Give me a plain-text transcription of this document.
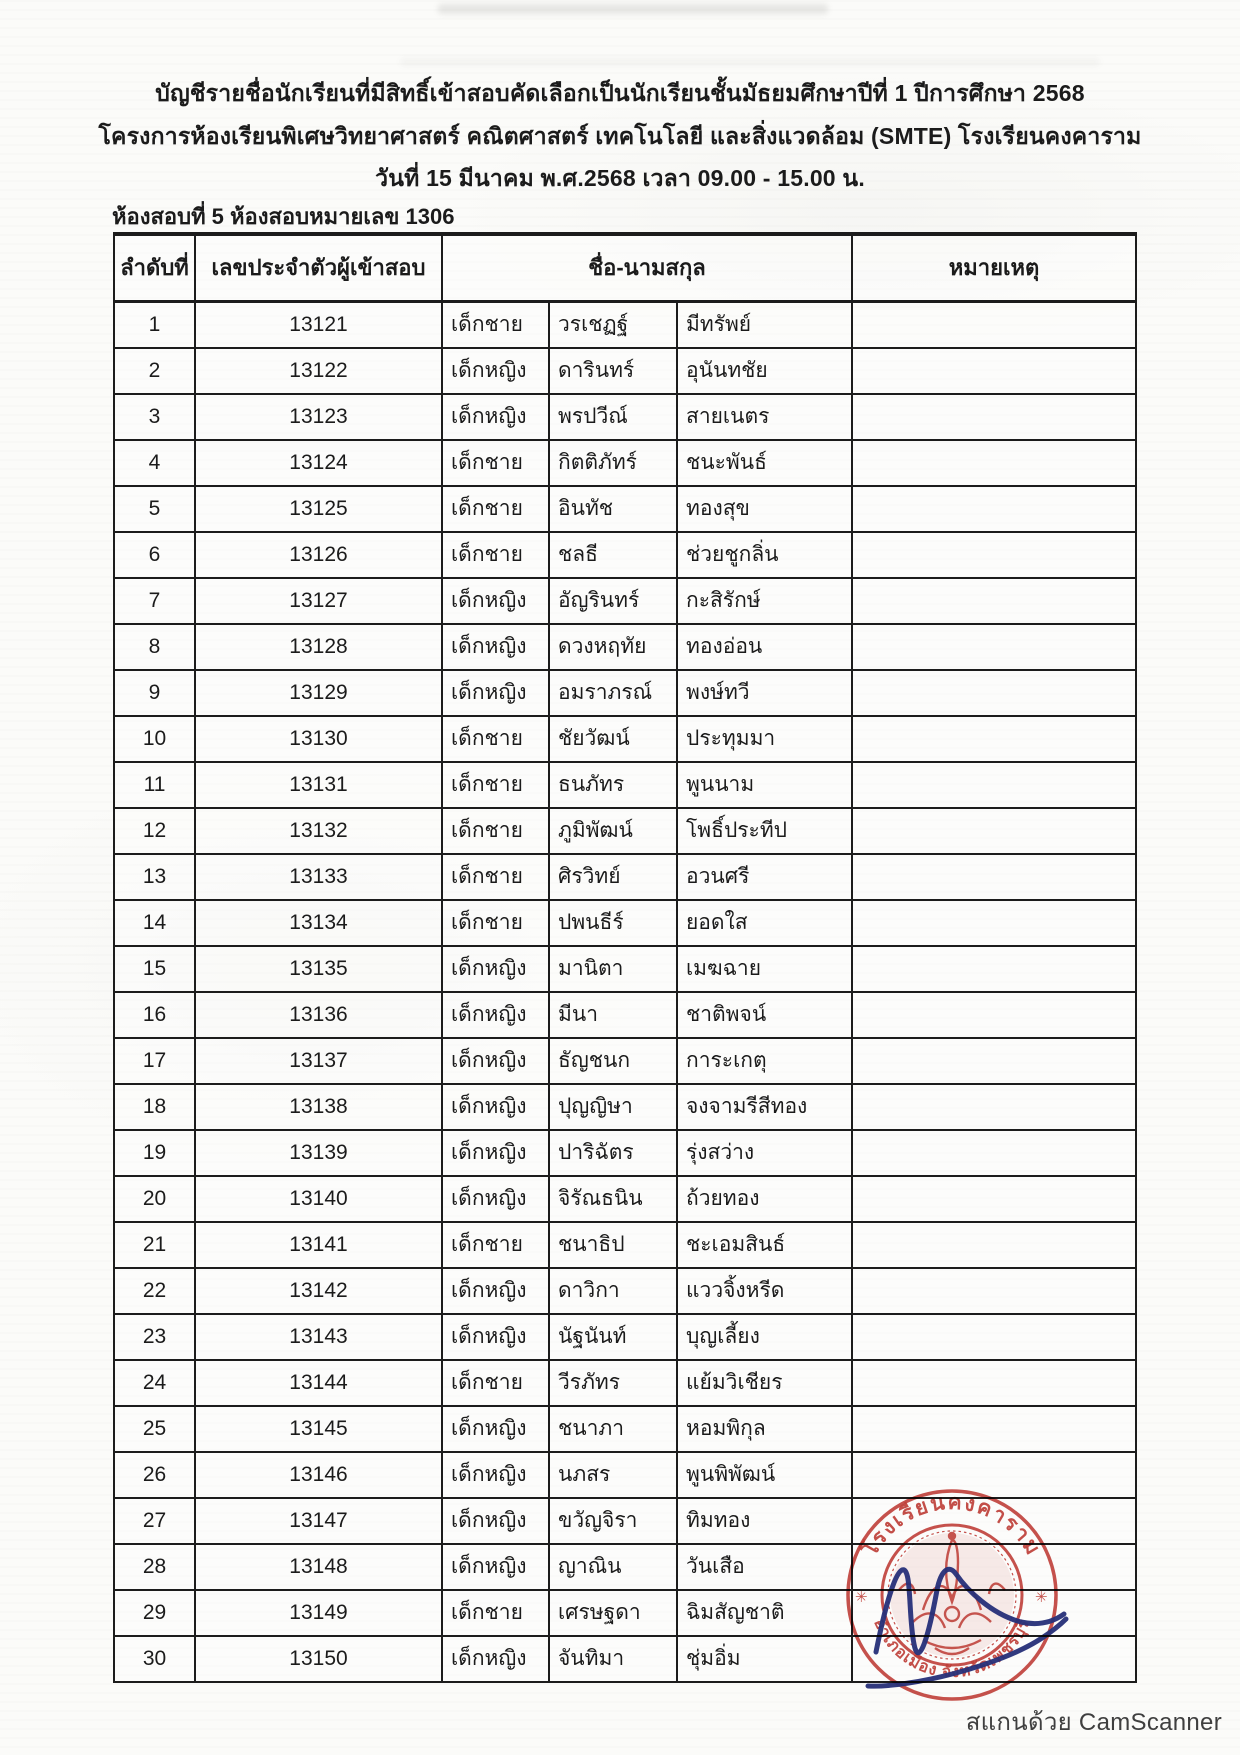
บัญชีรายชื่อนักเรียนที่มีสิทธิ์เข้าสอบคัดเลือกเป็นนักเรียนชั้นมัธยมศึกษาปีที่ 1 ปีการศึกษา 2568
โครงการห้องเรียนพิเศษวิทยาศาสตร์ คณิตศาสตร์ เทคโนโลยี และสิ่งแวดล้อม (SMTE) โรงเรียนคงคาราม
วันที่ 15 มีนาคม พ.ศ.2568 เวลา 09.00 - 15.00 น.
ห้องสอบที่ 5 ห้องสอบหมายเลข 1306
ลำดับที่	เลขประจำตัวผู้เข้าสอบ	ชื่อ-นามสกุล	หมายเหตุ
1	13121	เด็กชาย	วรเชฏฐ์	มีทรัพย์
2	13122	เด็กหญิง	ดารินทร์	อุนันทชัย
3	13123	เด็กหญิง	พรปวีณ์	สายเนตร
4	13124	เด็กชาย	กิตติภัทร์	ชนะพันธ์
5	13125	เด็กชาย	อินทัช	ทองสุข
6	13126	เด็กชาย	ชลธี	ช่วยชูกลิ่น
7	13127	เด็กหญิง	อัญรินทร์	กะสิรักษ์
8	13128	เด็กหญิง	ดวงหฤทัย	ทองอ่อน
9	13129	เด็กหญิง	อมราภรณ์	พงษ์ทวี
10	13130	เด็กชาย	ชัยวัฒน์	ประทุมมา
11	13131	เด็กชาย	ธนภัทร	พูนนาม
12	13132	เด็กชาย	ภูมิพัฒน์	โพธิ์ประทีป
13	13133	เด็กชาย	ศิรวิทย์	อวนศรี
14	13134	เด็กชาย	ปพนธีร์	ยอดใส
15	13135	เด็กหญิง	มานิตา	เมฆฉาย
16	13136	เด็กหญิง	มีนา	ชาติพจน์
17	13137	เด็กหญิง	ธัญชนก	การะเกตุ
18	13138	เด็กหญิง	ปุญญิษา	จงจามรีสีทอง
19	13139	เด็กหญิง	ปาริฉัตร	รุ่งสว่าง
20	13140	เด็กหญิง	จิรัณธนิน	ถ้วยทอง
21	13141	เด็กชาย	ชนาธิป	ชะเอมสินธ์
22	13142	เด็กหญิง	ดาวิกา	แววจิ้งหรีด
23	13143	เด็กหญิง	นัฐนันท์	บุญเลี้ยง
24	13144	เด็กชาย	วีรภัทร	แย้มวิเชียร
25	13145	เด็กหญิง	ชนาภา	หอมพิกุล
26	13146	เด็กหญิง	นภสร	พูนพิพัฒน์
27	13147	เด็กหญิง	ขวัญจิรา	ทิมทอง
28	13148	เด็กหญิง	ญาณิน	วันเสือ
29	13149	เด็กชาย	เศรษฐดา	ฉิมสัญชาติ
30	13150	เด็กหญิง	จันทิมา	ชุ่มอิ่ม
โรงเรียนคงคาราม
อำเภอเมือง จังหวัดเพชรบุรี
✳	✳
สแกนด้วย CamScanner
